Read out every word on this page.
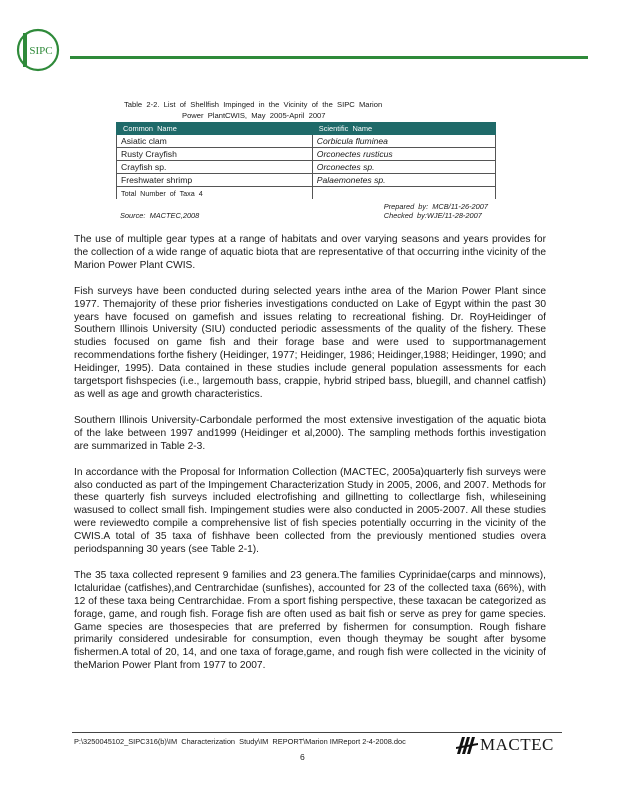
SIPC
Table  2-2.  List  of  Shellfish  Impinged  in  the  Vicinity  of  the  SIPC  Marion
Power  PlantCWIS,  May  2005-April  2007
Common  Name	Scientific  Name
Asiatic clam	Corbicula fluminea
Rusty Crayfish	Orconectes rusticus
Crayfish sp.	Orconectes sp.
Freshwater shrimp	Palaemonetes sp.
Total  Number  of  Taxa  4	
Source:  MACTEC,2008
Prepared  by:  MCB/11-26-2007
Checked  by:WJE/11-28-2007

The use of multiple gear types at a range of habitats and over varying seasons and years provides for the collection of a wide range of aquatic biota that are representative of that occurring inthe vicinity of the Marion Power Plant CWIS.

Fish surveys have been conducted during selected years inthe area of the Marion Power Plant since 1977. Themajority of these prior fisheries investigations conducted on Lake of Egypt within the past 30 years have focused on gamefish and issues relating to recreational fishing. Dr. RoyHeidinger of Southern Illinois University (SIU) conducted periodic assessments of the quality of the fishery. These studies focused on game fish and their forage base and were used to supportmanagement recommendations forthe fishery (Heidinger, 1977; Heidinger, 1986; Heidinger,1988; Heidinger, 1990; and Heidinger, 1995). Data contained in these studies include general population assessments for each targetsport fishspecies (i.e., largemouth bass, crappie, hybrid striped bass, bluegill, and channel catfish) as well as age and growth characteristics.

Southern Illinois University-Carbondale performed the most extensive investigation of the aquatic biota of the lake between 1997 and1999 (Heidinger et al,2000). The sampling methods forthis investigation are summarized in Table 2-3.

In accordance with the Proposal for Information Collection (MACTEC, 2005a)quarterly fish surveys were also conducted as part of the Impingement Characterization Study in 2005, 2006, and 2007. Methods for these quarterly fish surveys included electrofishing and gillnetting to collectlarge fish, whileseining wasused to collect small fish. Impingement studies were also conducted in 2005-2007. All these studies were reviewedto compile a comprehensive list of fish species potentially occurring in the vicinity of the CWIS.A total of 35 taxa of fishhave been collected from the previously mentioned studies overa periodspanning 30 years (see Table 2-1).

The 35 taxa collected represent 9 families and 23 genera.The families Cyprinidae(carps and minnows), Ictaluridae (catfishes),and Centrarchidae (sunfishes), accounted for 23 of the collected taxa (66%), with 12 of these taxa being Centrarchidae. From a sport fishing perspective, these taxacan be categorized as forage, game, and rough fish. Forage fish are often used as bait fish or serve as prey for game species. Game species are thosespecies that are preferred by fishermen for consumption. Rough fishare primarily considered undesirable for consumption, even though theymay be sought after bysome fishermen.A total of 20, 14, and one taxa of forage,game, and rough fish were collected in the vicinity of theMarion Power Plant from 1977 to 2007.

P:\3250045102_SIPC316(b)\IM  Characterization  Study\IM  REPORT\Marion IMReport 2-4-2008.doc
6
MACTEC
